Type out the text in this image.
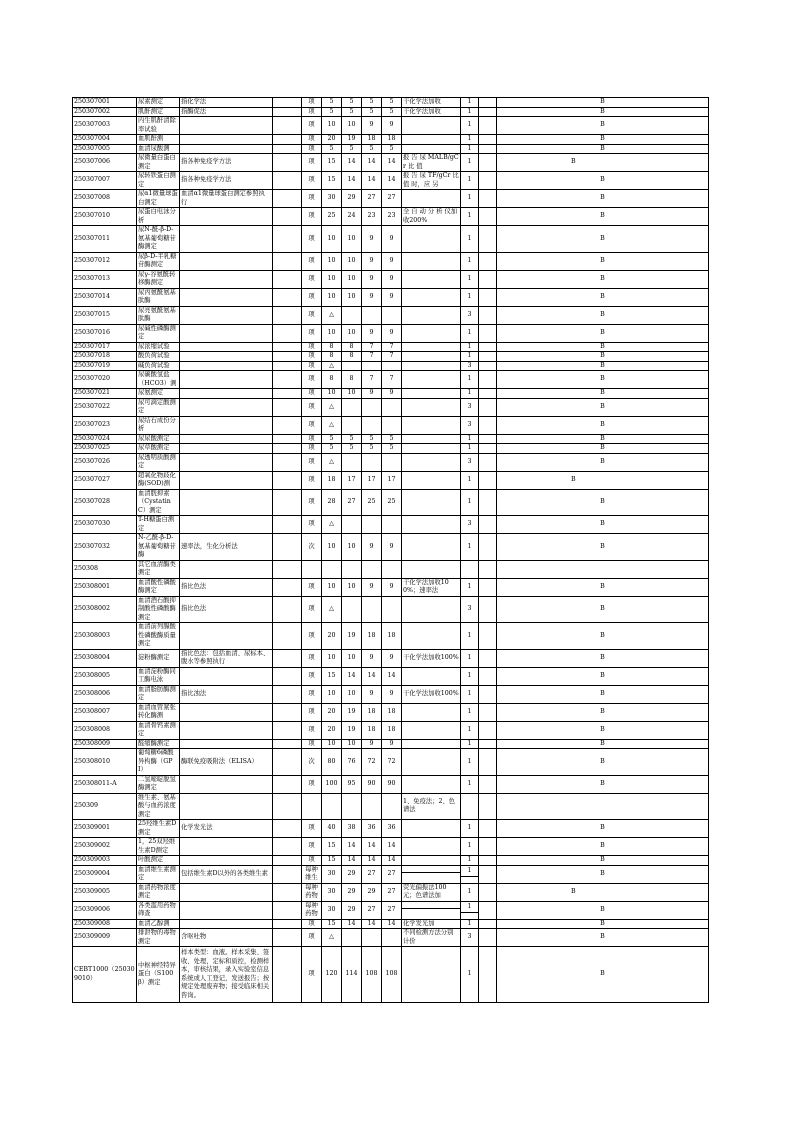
250307001	尿素测定	指化学法		项	5	5	5	5	干化学法加收	1		B

250307002	肌酐测定	指酶促法		项	5	5	5	5	干化学法加收	1		B

250307003	内生肌酐清除率试验			项	10	10	9	9		1		B

250307004	血肌酐测			项	20	19	18	18		1		B

250307005	血清尿酸测			项	5	5	5	5		1		B

250307006	尿微量白蛋白测定	指各种免疫学方法		项	15	14	14	14	报 告 尿 MALB/gCr 比 值	1		B

250307007	尿转铁蛋白测定	指各种免疫学方法		项	15	14	14	14	报 告 尿 TF/gCr 比 值 时，应 另	1		B

250307008	尿α1微量球蛋白测定	血清α1微量球蛋白测定参照执行		项	30	29	27	27		1		B

250307010	尿蛋白电泳分析			项	25	24	23	23	全 自 动 分 析 仪加收200%	1		B

250307011	尿N-酰-β-D-氨基葡萄糖苷酶测定			项	10	10	9	9		1		B

250307012	尿β-D-半乳糖苷酶测定			项	10	10	9	9		1		B

250307013	尿γ-谷氨酰转移酶测定			项	10	10	9	9		1		B

250307014	尿丙氨酰氨基肽酶			项	10	10	9	9		1		B

250307015	尿亮氨酰氨基肽酶			项	△					3		B

250307016	尿碱性磷酶测定			项	10	10	9	9		1		B

250307017	尿浓缩试验			项	8	8	7	7		1		B

250307018	酸负荷试验			项	8	8	7	7		1		B

250307019	碱负荷试验			项	△					3		B

250307020	尿碳酸氢盐（HCO3）测			项	8	8	7	7		1		B

250307021	尿氨测定			项	10	10	9	9		1		B

250307022	尿可滴定酸测定			项	△					3		B

250307023	尿结石成份分析			项	△					3		B

250307024	尿尿酸测定			项	5	5	5	5		1		B

250307025	尿草酸测定			项	5	5	5	5		1		B

250307026	尿透明质酸测定			项	△					3		B

250307027	超氧化物歧化酶(SOD)测			项	18	17	17	17		1		B

250307028	血清胱抑素（Cystatin C）测定			项	28	27	25	25		1		B

250307030	T-H糖蛋白测定			项	△					3		B

250307032	N-乙酰-β-D-氨基葡萄糖苷酶	速率法，生化分析法		次	10	10	9	9		1		B

250308	其它血清酶类测定											

250308001	血清酸性磷酸酶测定	指比色法		项	10	10	9	9	干化学法加收100%；速率法	1		B

250308002	血清酒石酸抑制酸性磷酸酶测定	指比色法		项	△					3		B

250308003	血清前列腺酸性磷酸酶质量测定			项	20	19	18	18		1		B

250308004	淀粉酶测定	指比色法：包括血清、尿标本、腹水等参照执行		项	10	10	9	9	干化学法加收100%	1		B

250308005	血清淀粉酶同工酶电泳			项	15	14	14	14		1		B

250308006	血清脂肪酶测定	指比浊法		项	10	10	9	9	干化学法加收100%	1		B

250308007	血清血管紧张转化酶测			项	20	19	18	18		1		B

250308008	血清骨钙素测定			项	20	19	18	18		1		B

250308009	醛缩酶测定			项	10	10	9	9		1		B

250308010	葡萄糖6磷酸异构酶（GPI）	酶联免疫吸附法（ELISA）		次	80	76	72	72		1		B

250308011-A	二氢嘧啶脱氢酶测定			项	100	95	90	90		1		B

250309	维生素、氨基酸与血药浓度测定								1、免疫法；2、色谱法			

250309001	25羟维生素D测定	化学发光法		项	40	38	36	36		1		B

250309002	1，25双羟维生素D测定			项	15	14	14	14		1		B

250309003	叶酸测定			项	15	14	14	14		1		B

250309004	血清维生素测定	包括维生素D以外的各类维生素		每种维生	30	29	27	27		1		B

250309005	血清药物浓度测定			每种药物	30	29	29	27	荧光偏振法100元；色谱法加	1		B

250309006	各类滥用药物筛查			每种药物	30	29	27	27		1		B

250309008	血清乙醇测			项	15	14	14	14	化学发光加	1		B

250309009	排泄物的毒物测定	含呕吐物		项	△				不同检测方法分别计价	3		B

CEBT1000（250309010）	中枢神经特异蛋白（S100β）测定	样本类型：血液。样本采集、签收、处理，定标和质控，检测样本，审核结果，录入实验室信息系统或人工登记，发送报告；按规定处理废弃物；接受临床相关咨询。		项	120	114	108	108		1		B
